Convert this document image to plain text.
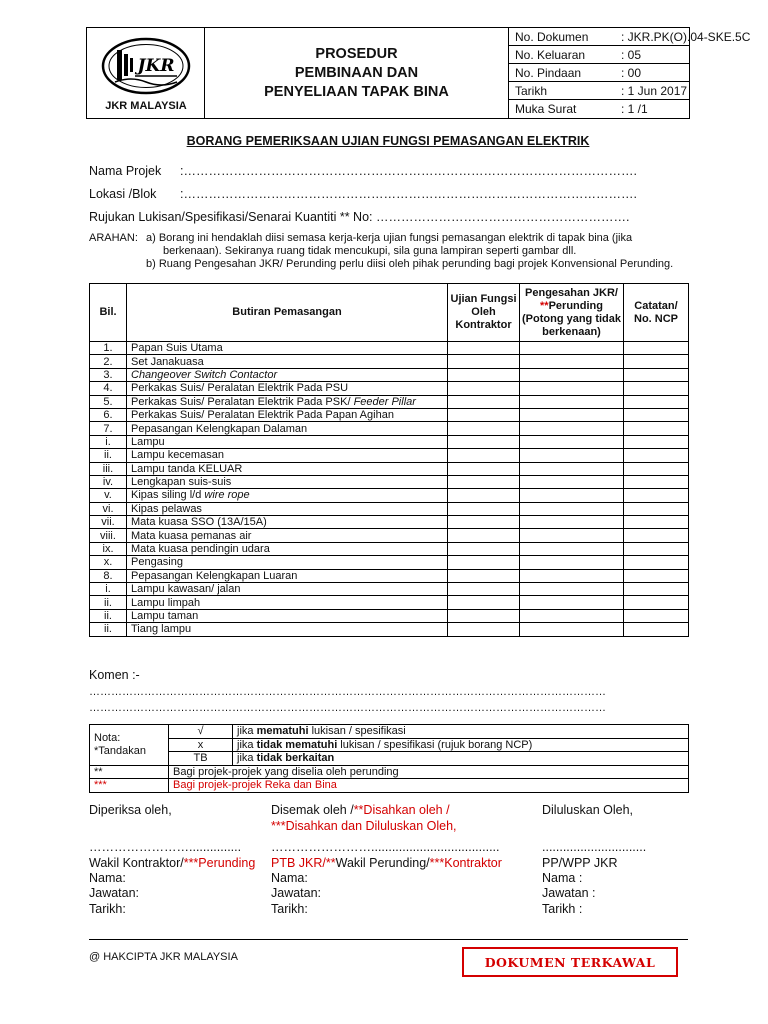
JKR
JKR MALAYSIA
PROSEDUR
PEMBINAAN DAN
PENYELIAAN TAPAK BINA
No. Dokumen	: JKR.PK(O).04-SKE.5C
No. Keluaran	: 05
No. Pindaan	: 00
Tarikh	: 1 Jun 2017
Muka Surat	: 1 /1
BORANG PEMERIKSAAN UJIAN FUNGSI PEMASANGAN ELEKTRIK
Nama Projek :……………………………………………………………………………………………….
Lokasi /Blok :……………………………………………………………………………………………….
Rujukan Lukisan/Spesifikasi/Senarai Kuantiti ** No: …………………………………………………….
ARAHAN: a) Borang ini hendaklah diisi semasa kerja-kerja ujian fungsi pemasangan elektrik di tapak bina (jika
berkenaan). Sekiranya ruang tidak mencukupi, sila guna lampiran seperti gambar dll.
b) Ruang Pengesahan JKR/ Perunding perlu diisi oleh pihak perunding bagi projek Konvensional Perunding.
Bil.	Butiran Pemasangan	Ujian Fungsi Oleh Kontraktor	Pengesahan JKR/ **Perunding (Potong yang tidak berkenaan)	Catatan/ No. NCP
1.	Papan Suis Utama			
2.	Set Janakuasa			
3.	Changeover Switch Contactor			
4.	Perkakas Suis/ Peralatan Elektrik Pada PSU			
5.	Perkakas Suis/ Peralatan Elektrik Pada PSK/ Feeder Pillar			
6.	Perkakas Suis/ Peralatan Elektrik Pada Papan Agihan			
7.	Pepasangan Kelengkapan Dalaman			
i.	Lampu			
ii.	Lampu kecemasan			
iii.	Lampu tanda KELUAR			
iv.	Lengkapan suis-suis			
v.	Kipas siling l/d wire rope			
vi.	Kipas pelawas			
vii.	Mata kuasa SSO (13A/15A)			
viii.	Mata kuasa pemanas air			
ix.	Mata kuasa pendingin udara			
x.	Pengasing			
8.	Pepasangan Kelengkapan Luaran			
i.	Lampu kawasan/ jalan			
ii.	Lampu limpah			
ii.	Lampu taman			
ii.	Tiang lampu			
Komen :-
……………………………………………………………………………………………………………………………
……………………………………………………………………………………………………………………………
Nota:
*Tandakan	√	jika mematuhi lukisan / spesifikasi
	x	jika tidak mematuhi lukisan / spesifikasi (rujuk borang NCP)
	TB	jika tidak berkaitan
**	Bagi projek-projek yang diselia oleh perunding	
***	Bagi projek-projek Reka dan Bina	
Diperiksa oleh,
……………………...............
Wakil Kontraktor/***Perunding
Nama:
Jawatan:
Tarikh:
Disemak oleh /**Disahkan oleh /
***Disahkan dan Diluluskan Oleh,
…………………….....................................
PTB JKR/**Wakil Perunding/***Kontraktor
Nama:
Jawatan:
Tarikh:
Diluluskan Oleh,
..............................
PP/WPP JKR
Nama :
Jawatan :
Tarikh :
@ HAKCIPTA JKR MALAYSIA	DOKUMEN TERKAWAL
